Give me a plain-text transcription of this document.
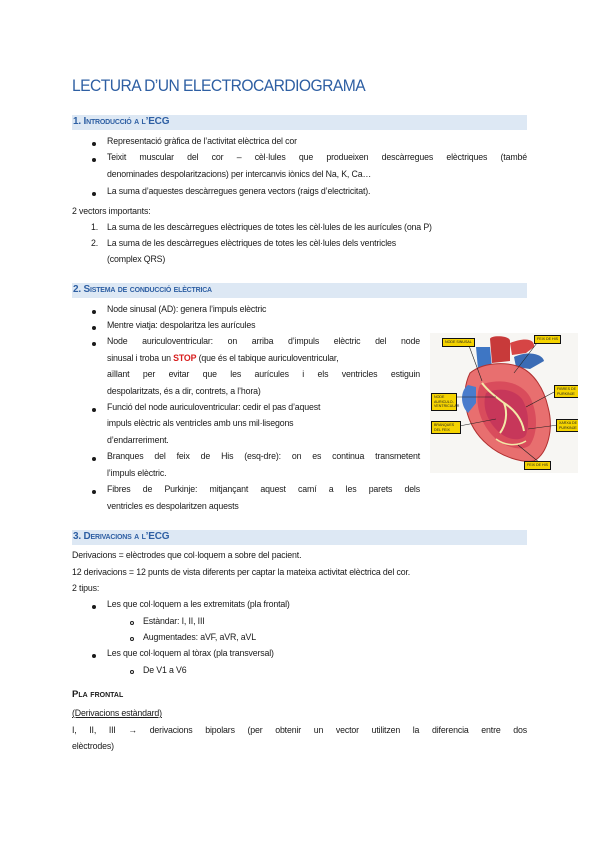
LECTURA D’UN ELECTROCARDIOGRAMA
1. Introducció a l’ECG
Representació gràfica de l’activitat elèctrica del cor
Teixit muscular del cor – cèl·lules que produeixen descàrregues elèctriques (també
denominades despolaritzacions) per intercanvis iònics del Na, K, Ca…
La suma d’aquestes descàrregues genera vectors (raigs d’electricitat).
2 vectors importants:
1. La suma de les descàrregues elèctriques de totes les cèl·lules de les aurícules (ona P)
2. La suma de les descàrregues elèctriques de totes les cèl·lules dels ventricles
(complex QRS)
2. Sistema de conducció elèctrica
Node sinusal (AD): genera l’impuls elèctric
Mentre viatja: despolaritza les aurícules
Node auriculoventricular: on arriba d’impuls elèctric del node
sinusal i troba un STOP (que és el tabique auriculoventricular,
aïllant per evitar que les aurícules i els ventricles estiguin
despolaritzats, és a dir, contrets, a l’hora)
Funció del node auriculoventricular: cedir el pas d’aquest
impuls elèctric als ventricles amb uns mil·lisegons
d’endarreriment.
Branques del feix de His (esq-dre): on es continua transmetent
l’impuls elèctric.
Fibres de Purkinje: mitjançant aquest camí a les parets dels
ventricles es despolaritzen aquests
NODE SINUSAL
FEIX DE HIS
NODE AURICULO-VENTRICULAR
BRANQUES DEL FEIX
FIBRES DE PURKINJE
XARXA DE PURKINJE
FEIX DE HIS
3. Derivacions a l’ECG
Derivacions = elèctrodes que col·loquem a sobre del pacient.
12 derivacions = 12 punts de vista diferents per captar la mateixa activitat elèctrica del cor.
2 tipus:
Les que col·loquem a les extremitats (pla frontal)
Estàndar: I, II, III
Augmentades: aVF, aVR, aVL
Les que col·loquem al tòrax (pla transversal)
De V1 a V6
Pla frontal
(Derivacions estàndard)
I, II, III → derivacions bipolars (per obtenir un vector utilitzen la diferencia entre dos
elèctrodes)
